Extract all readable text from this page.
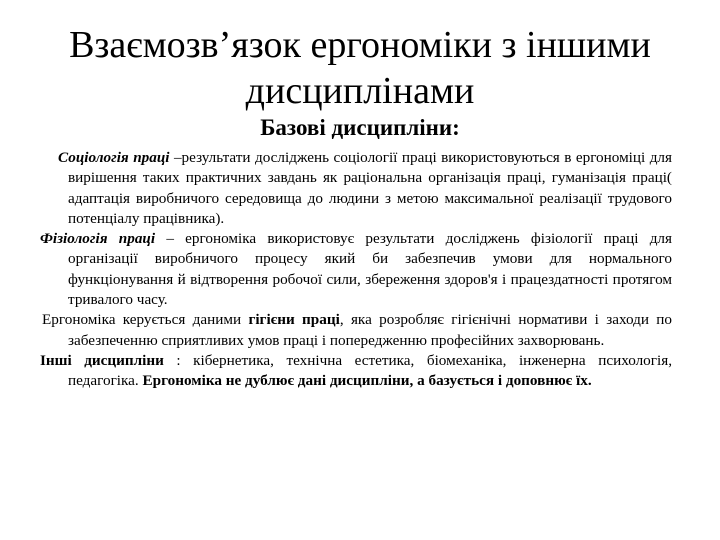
Взаємозв’язок ергономіки з іншими дисциплінами
Базові дисципліни:

Соціологія праці –результати досліджень соціології праці використовуються в ергономіці для вирішення таких практичних завдань як раціональна організація праці, гуманізація праці( адаптація виробничого середовища до людини з метою максимальної реалізації трудового потенціалу працівника).

Фізіологія праці – ергономіка використовує результати досліджень фізіології праці для організації виробничого процесу який би забезпечив умови для нормального функціонування й відтворення робочої сили, збереження здоров'я і працездатності протягом тривалого часу.

Ергономіка керується даними гігієни праці, яка розробляє гігієнічні нормативи і заходи по забезпеченню сприятливих умов праці і попередженню професійних захворювань.

Інші дисципліни : кібернетика, технічна естетика, біомеханіка, інженерна психологія, педагогіка. Ергономіка не дублює дані дисципліни, а базується і доповнює їх.
